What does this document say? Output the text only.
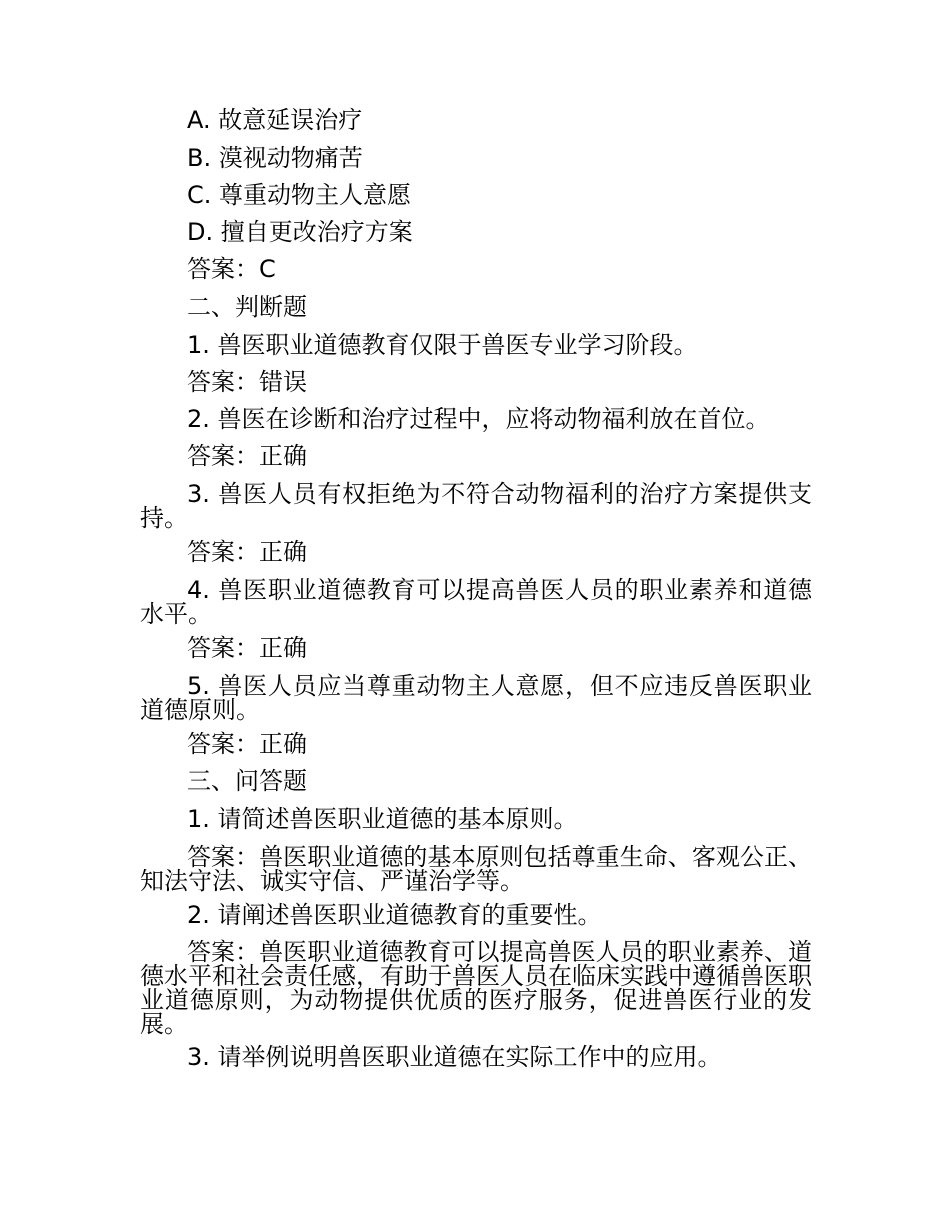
A. 故意延误治疗
B. 漠视动物痛苦
C. 尊重动物主人意愿
D. 擅自更改治疗方案
答案：C
二、判断题
1. 兽医职业道德教育仅限于兽医专业学习阶段。
答案：错误
2. 兽医在诊断和治疗过程中，应将动物福利放在首位。
答案：正确
3. 兽医人员有权拒绝为不符合动物福利的治疗方案提供支持。
答案：正确
4. 兽医职业道德教育可以提高兽医人员的职业素养和道德水平。
答案：正确
5. 兽医人员应当尊重动物主人意愿，但不应违反兽医职业道德原则。
答案：正确
三、问答题
1. 请简述兽医职业道德的基本原则。
答案：兽医职业道德的基本原则包括尊重生命、客观公正、知法守法、诚实守信、严谨治学等。
2. 请阐述兽医职业道德教育的重要性。
答案：兽医职业道德教育可以提高兽医人员的职业素养、道德水平和社会责任感，有助于兽医人员在临床实践中遵循兽医职业道德原则，为动物提供优质的医疗服务，促进兽医行业的发展。
3. 请举例说明兽医职业道德在实际工作中的应用。
